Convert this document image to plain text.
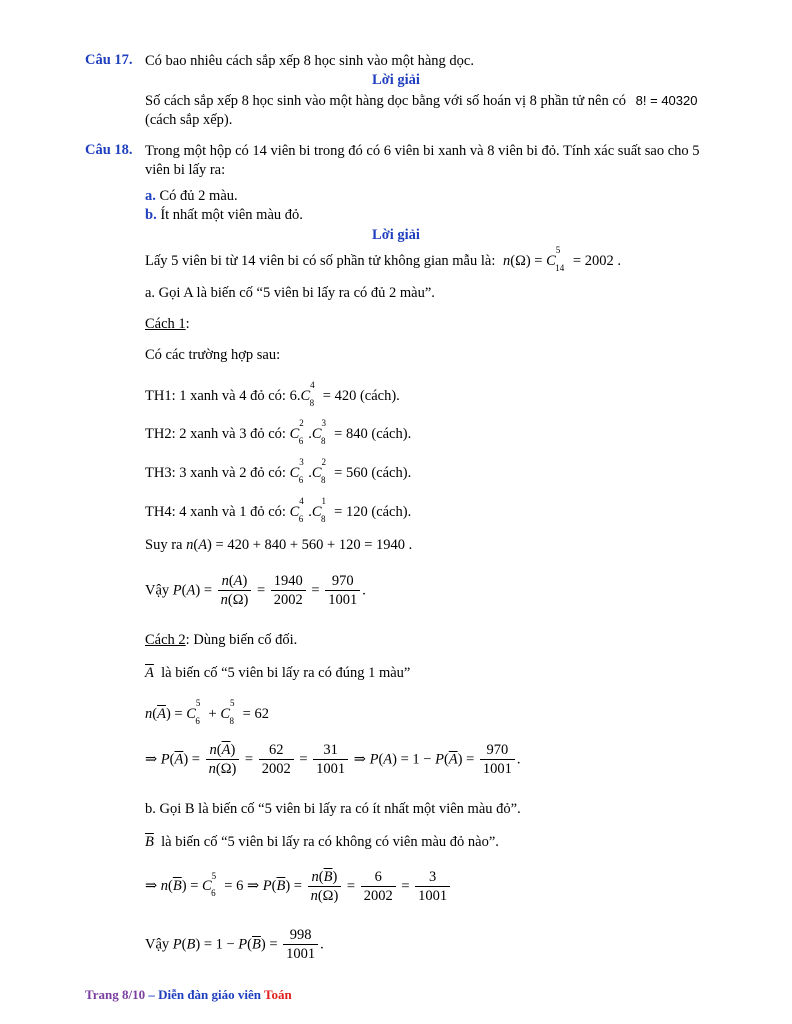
Câu 17. Có bao nhiêu cách sắp xếp 8 học sinh vào một hàng dọc.
Lời giải
Số cách sắp xếp 8 học sinh vào một hàng dọc bằng với số hoán vị 8 phần tử nên có 8! = 40320
(cách sắp xếp).
Câu 18. Trong một hộp có 14 viên bi trong đó có 6 viên bi xanh và 8 viên bi đỏ. Tính xác suất sao cho 5
viên bi lấy ra:
a. Có đủ 2 màu.
b. Ít nhất một viên màu đỏ.
Lời giải
Lấy 5 viên bi từ 14 viên bi có số phần tử không gian mẫu là: $n(\Omega) = C^5_{14} = 2002$ .
a. Gọi A là biến cố “5 viên bi lấy ra có đủ 2 màu”.
Cách 1:
Có các trường hợp sau:
TH1: 1 xanh và 4 đỏ có: $6.C^4_8 = 420$ (cách).
TH2: 2 xanh và 3 đỏ có: $C^2_6$ $.C^3_8 = 840$ (cách).
TH3: 3 xanh và 2 đỏ có: $C^3_6$ $.C^2_8 = 560$ (cách).
TH4: 4 xanh và 1 đỏ có: $C^4_6$ $.C^1_8 = 120$ (cách).
Suy ra n(A) = 420 + 840 + 560 + 120 = 1940 .
Vậy $P(A) = \frac{n(A)}{n(\Omega)} = \frac{1940}{2002} = \frac{970}{1001}$ .
Cách 2: Dùng biến cố đối.
$\overline{A}$ là biến cố “5 viên bi lấy ra có đúng 1 màu”
$n(\overline{A}) = C^5_6 + C^5_8 = 62$
⇒ $P(\overline{A}) = \frac{n(\overline{A})}{n(\Omega)} = \frac{62}{2002} = \frac{31}{1001}$ ⇒ $P(A) = 1 - P(\overline{A}) = \frac{970}{1001}$ .
b. Gọi B là biến cố “5 viên bi lấy ra có ít nhất một viên màu đỏ”.
$\overline{B}$ là biến cố “5 viên bi lấy ra có không có viên màu đỏ nào”.
⇒ $n(\overline{B}) = C^5_6 = 6$ ⇒ $P(\overline{B}) = \frac{n(\overline{B})}{n(\Omega)} = \frac{6}{2002} = \frac{3}{1001}$
Vậy $P(B) = 1 - P(\overline{B}) = \frac{998}{1001}$ .
Trang 8/10 – Diễn đàn giáo viên Toán
